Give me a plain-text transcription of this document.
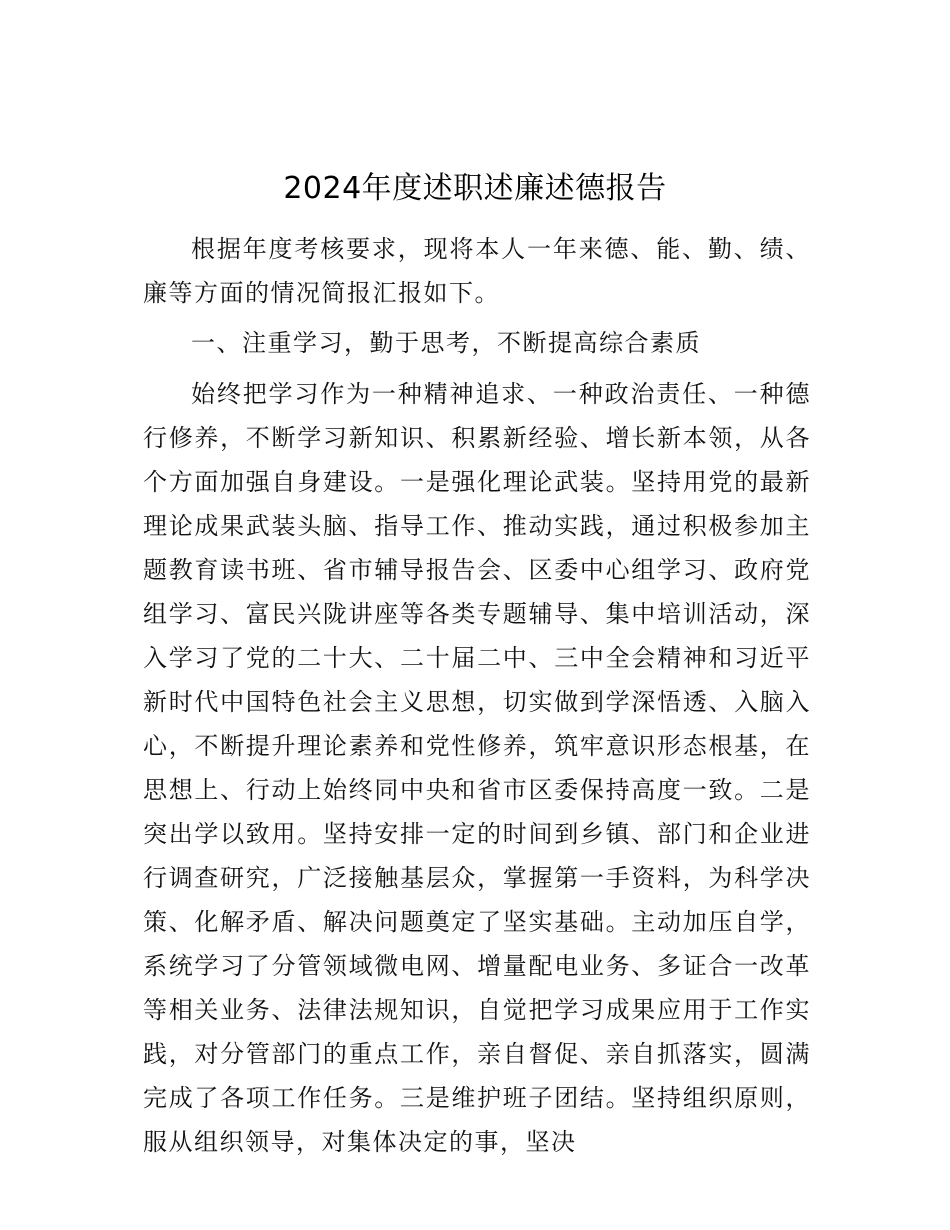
2024年度述职述廉述德报告
根据年度考核要求，现将本人一年来德、能、勤、绩、廉等方面的情况简报汇报如下。
一、注重学习，勤于思考，不断提高综合素质
始终把学习作为一种精神追求、一种政治责任、一种德行修养，不断学习新知识、积累新经验、增长新本领，从各个方面加强自身建设。一是强化理论武装。坚持用党的最新理论成果武装头脑、指导工作、推动实践，通过积极参加主题教育读书班、省市辅导报告会、区委中心组学习、政府党组学习、富民兴陇讲座等各类专题辅导、集中培训活动，深入学习了党的二十大、二十届二中、三中全会精神和习近平新时代中国特色社会主义思想，切实做到学深悟透、入脑入心，不断提升理论素养和党性修养，筑牢意识形态根基，在思想上、行动上始终同中央和省市区委保持高度一致。二是突出学以致用。坚持安排一定的时间到乡镇、部门和企业进行调查研究，广泛接触基层众，掌握第一手资料，为科学决策、化解矛盾、解决问题奠定了坚实基础。主动加压自学，系统学习了分管领域微电网、增量配电业务、多证合一改革等相关业务、法律法规知识，自觉把学习成果应用于工作实践，对分管部门的重点工作，亲自督促、亲自抓落实，圆满完成了各项工作任务。三是维护班子团结。坚持组织原则，服从组织领导，对集体决定的事，坚决
